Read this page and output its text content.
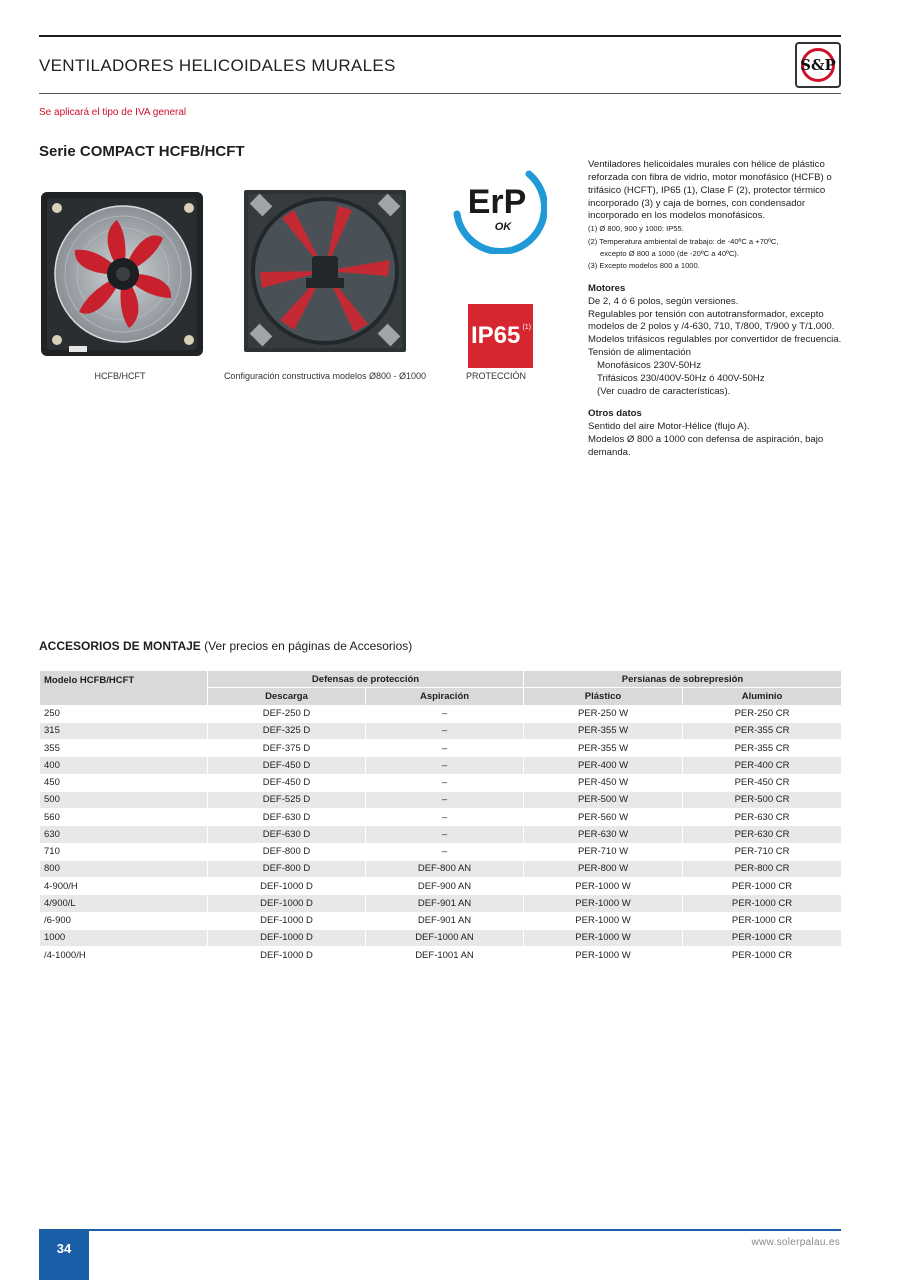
VENTILADORES HELICOIDALES MURALES	S&P
Se aplicará el tipo de IVA general
Serie COMPACT HCFB/HCFT
ErP
OK
IP65 (1)
HCFB/HCFT	Configuración constructiva modelos Ø800 - Ø1000	PROTECCIÓN

Ventiladores helicoidales murales con hélice de plástico reforzada con fibra de vidrio, motor monofásico (HCFB) o trifásico (HCFT), IP65 (1), Clase F (2), protector térmico incorporado (3) y caja de bornes, con condensador incorporado en los modelos monofásicos.

(1) Ø 800, 900 y 1000: IP55.

(2) Temperatura ambiental de trabajo: de -40ºC a +70ºC,

excepto Ø 800 a 1000 (de -20ºC a 40ºC).

(3) Excepto modelos 800 a 1000.

Motores

De 2, 4 ó 6 polos, según versiones.

Regulables por tensión con autotransformador, excepto modelos de 2 polos y /4-630, 710, T/800, T/900 y T/1.000.

Modelos trifásicos regulables por convertidor de frecuencia.

Tensión de alimentación

Monofásicos 230V-50Hz

Trifásicos 230/400V-50Hz ó 400V-50Hz

(Ver cuadro de características).

Otros datos

Sentido del aire Motor-Hélice (flujo A).

Modelos Ø 800 a 1000 con defensa de aspiración, bajo demanda.

ACCESORIOS DE MONTAJE (Ver precios en páginas de Accesorios)
Modelo HCFB/HCFT	Defensas de protección		Persianas de sobrepresión	
	Descarga	Aspiración	Plástico	Aluminio
250	DEF-250 D	–	PER-250 W	PER-250 CR
315	DEF-325 D	–	PER-355 W	PER-355 CR
355	DEF-375 D	–	PER-355 W	PER-355 CR
400	DEF-450 D	–	PER-400 W	PER-400 CR
450	DEF-450 D	–	PER-450 W	PER-450 CR
500	DEF-525 D	–	PER-500 W	PER-500 CR
560	DEF-630 D	–	PER-560 W	PER-630 CR
630	DEF-630 D	–	PER-630 W	PER-630 CR
710	DEF-800 D	–	PER-710 W	PER-710 CR
800	DEF-800 D	DEF-800 AN	PER-800 W	PER-800 CR
4-900/H	DEF-1000 D	DEF-900 AN	PER-1000 W	PER-1000 CR
4/900/L	DEF-1000 D	DEF-901 AN	PER-1000 W	PER-1000 CR
/6-900	DEF-1000 D	DEF-901 AN	PER-1000 W	PER-1000 CR
1000	DEF-1000 D	DEF-1000 AN	PER-1000 W	PER-1000 CR
/4-1000/H	DEF-1000 D	DEF-1001 AN	PER-1000 W	PER-1000 CR
34	www.solerpalau.es
